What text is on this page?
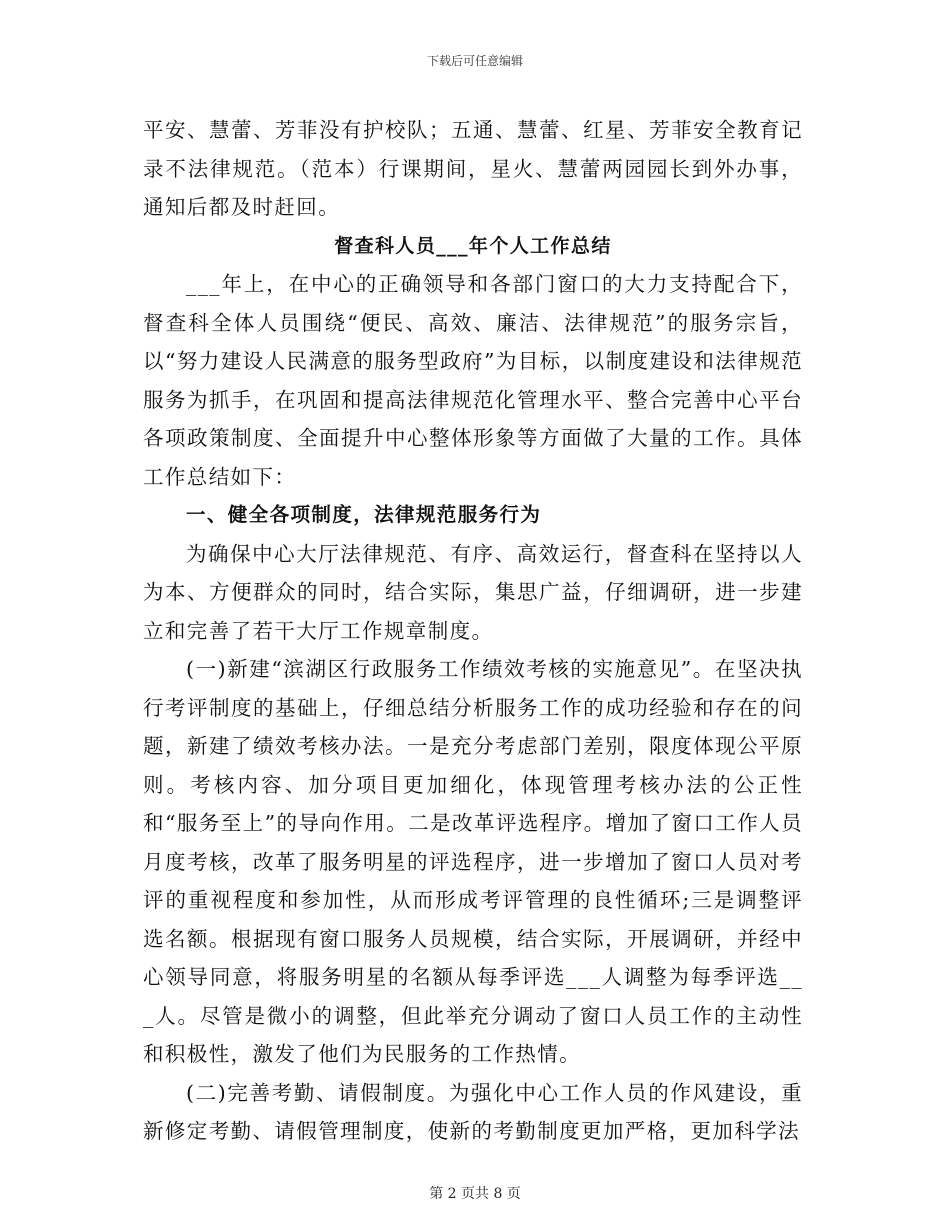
下载后可任意编辑

平安、慧蕾、芳菲没有护校队；五通、慧蕾、红星、芳菲安全教育记录不法律规范。（范本）行课期间，星火、慧蕾两园园长到外办事，通知后都及时赶回。

督查科人员___年个人工作总结

___年上，在中心的正确领导和各部门窗口的大力支持配合下，督查科全体人员围绕“便民、高效、廉洁、法律规范”的服务宗旨，以“努力建设人民满意的服务型政府”为目标，以制度建设和法律规范服务为抓手，在巩固和提高法律规范化管理水平、整合完善中心平台各项政策制度、全面提升中心整体形象等方面做了大量的工作。具体工作总结如下：

一、健全各项制度，法律规范服务行为

为确保中心大厅法律规范、有序、高效运行，督查科在坚持以人为本、方便群众的同时，结合实际，集思广益，仔细调研，进一步建立和完善了若干大厅工作规章制度。

(一)新建“滨湖区行政服务工作绩效考核的实施意见”。在坚决执行考评制度的基础上，仔细总结分析服务工作的成功经验和存在的问题，新建了绩效考核办法。一是充分考虑部门差别，限度体现公平原则。考核内容、加分项目更加细化，体现管理考核办法的公正性和“服务至上”的导向作用。二是改革评选程序。增加了窗口工作人员月度考核，改革了服务明星的评选程序，进一步增加了窗口人员对考评的重视程度和参加性，从而形成考评管理的良性循环;三是调整评选名额。根据现有窗口服务人员规模，结合实际，开展调研，并经中心领导同意，将服务明星的名额从每季评选___人调整为每季评选___人。尽管是微小的调整，但此举充分调动了窗口人员工作的主动性和积极性，激发了他们为民服务的工作热情。

(二)完善考勤、请假制度。为强化中心工作人员的作风建设，重新修定考勤、请假管理制度，使新的考勤制度更加严格，更加科学法

第 2 页共 8 页
